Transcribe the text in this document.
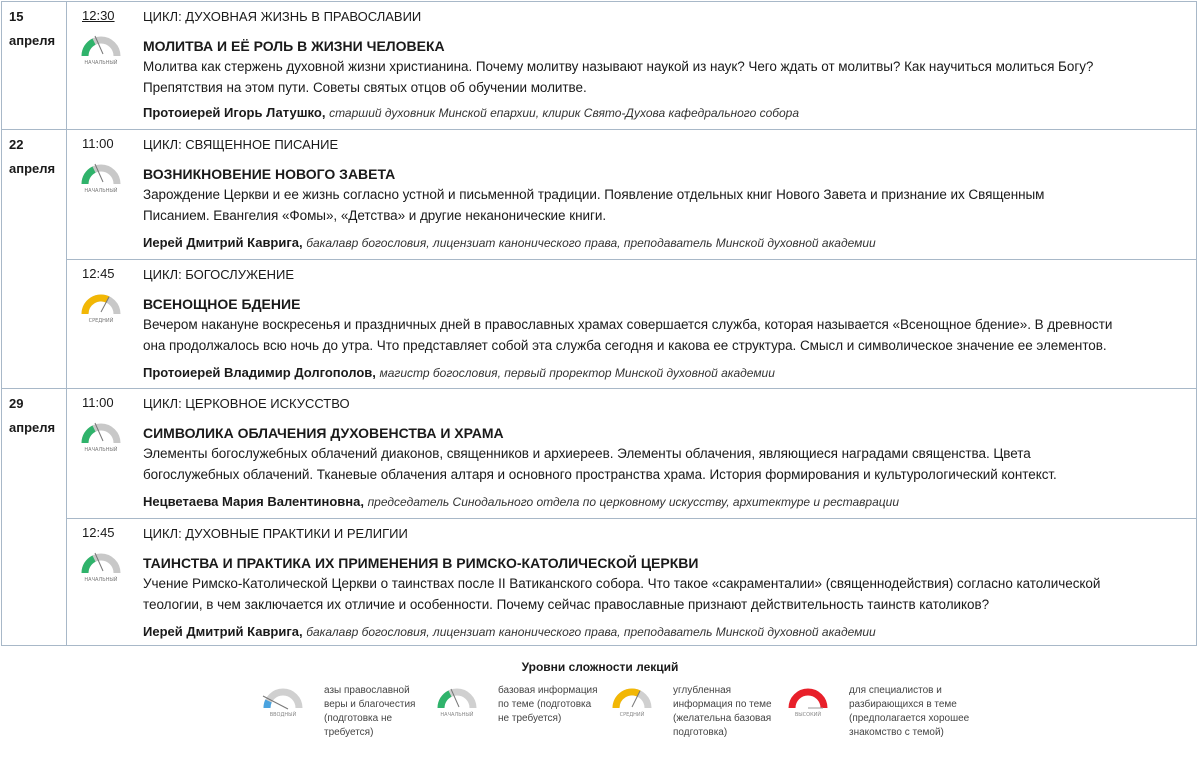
15
апреля
12:30
НАЧАЛЬНЫЙ
ЦИКЛ: ДУХОВНАЯ ЖИЗНЬ В ПРАВОСЛАВИИ
МОЛИТВА И ЕЁ РОЛЬ В ЖИЗНИ ЧЕЛОВЕКА
Молитва как стержень духовной жизни христианина. Почему молитву называют наукой из наук? Чего ждать от молитвы? Как научиться молиться Богу?
Препятствия на этом пути. Советы святых отцов об обучении молитве.
Протоиерей Игорь Латушко, старший духовник Минской епархии, клирик Свято-Духова кафедрального собора
22
апреля
11:00
НАЧАЛЬНЫЙ
ЦИКЛ: СВЯЩЕННОЕ ПИСАНИЕ
ВОЗНИКНОВЕНИЕ НОВОГО ЗАВЕТА
Зарождение Церкви и ее жизнь согласно устной и письменной традиции. Появление отдельных книг Нового Завета и признание их Священным
Писанием. Евангелия «Фомы», «Детства» и другие неканонические книги.
Иерей Дмитрий Каврига, бакалавр богословия, лицензиат канонического права, преподаватель Минской духовной академии
12:45
СРЕДНИЙ
ЦИКЛ: БОГОСЛУЖЕНИЕ
ВСЕНОЩНОЕ БДЕНИЕ
Вечером накануне воскресенья и праздничных дней в православных храмах совершается служба, которая называется «Всенощное бдение». В древности
она продолжалось всю ночь до утра. Что представляет собой эта служба сегодня и какова ее структура. Смысл и символическое значение ее элементов.
Протоиерей Владимир Долгополов, магистр богословия, первый проректор Минской духовной академии
29
апреля
11:00
НАЧАЛЬНЫЙ
ЦИКЛ: ЦЕРКОВНОЕ ИСКУССТВО
СИМВОЛИКА ОБЛАЧЕНИЯ ДУХОВЕНСТВА И ХРАМА
Элементы богослужебных облачений диаконов, священников и архиереев. Элементы облачения, являющиеся наградами священства. Цвета
богослужебных облачений. Тканевые облачения алтаря и основного пространства храма. История формирования и культурологический контекст.
Нецветаева Мария Валентиновна, председатель Синодального отдела по церковному искусству, архитектуре и реставрации
12:45
НАЧАЛЬНЫЙ
ЦИКЛ: ДУХОВНЫЕ ПРАКТИКИ И РЕЛИГИИ
ТАИНСТВА И ПРАКТИКА ИХ ПРИМЕНЕНИЯ В РИМСКО-КАТОЛИЧЕСКОЙ ЦЕРКВИ
Учение Римско-Католической Церкви о таинствах после II Ватиканского собора. Что такое «сакраменталии» (священнодействия) согласно католической
теологии, в чем заключается их отличие и особенности. Почему сейчас православные признают действительность таинств католиков?
Иерей Дмитрий Каврига, бакалавр богословия, лицензиат канонического права, преподаватель Минской духовной академии
Уровни сложности лекций
ВВОДНЫЙ
азы православной
веры и благочестия
(подготовка не
требуется)
НАЧАЛЬНЫЙ
базовая информация
по теме (подготовка
не требуется)	СРЕДНИЙ
углубленная
информация по теме
(желательна базовая
подготовка)
ВЫСОКИЙ
для специалистов и
разбирающихся в теме
(предполагается хорошее
знакомство с темой)
